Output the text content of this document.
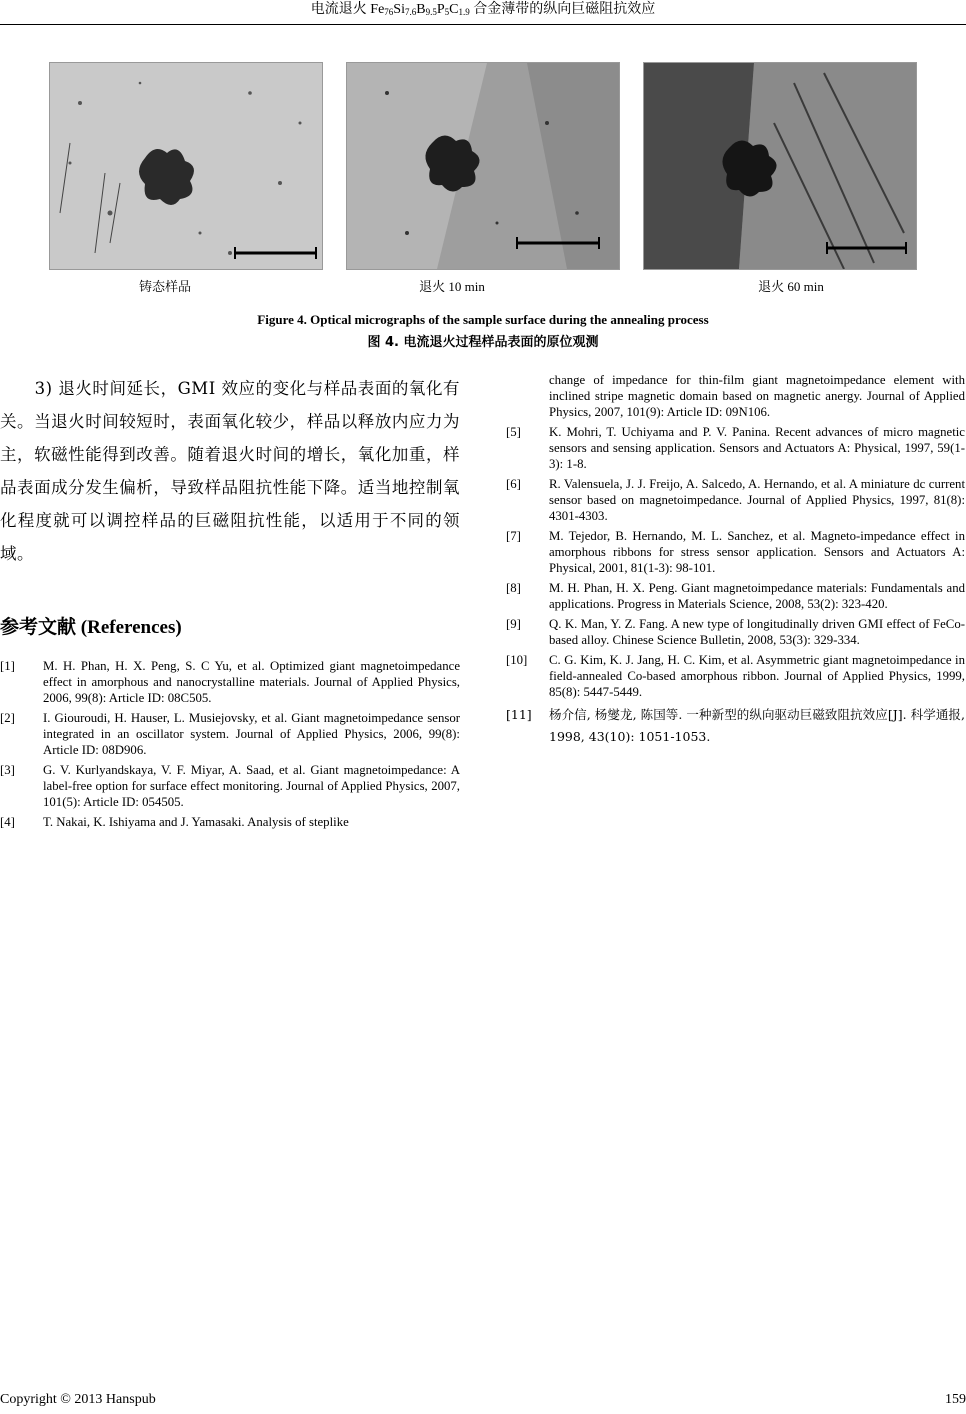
电流退火 $Fe_{76}Si_{7.6}B_{9.5}P_5C_{1.9}$ 合金薄带的纵向巨磁阻抗效应
铸态样品	退火 10 min	退火 60 min
Figure 4. Optical micrographs of the sample surface during the annealing process
图 4. 电流退火过程样品表面的原位观测
3) 退火时间延长，GMI 效应的变化与样品表面的氧化有关。当退火时间较短时，表面氧化较少，样品以释放内应力为主，软磁性能得到改善。随着退火时间的增长，氧化加重，样品表面成分发生偏析，导致样品阻抗性能下降。适当地控制氧化程度就可以调控样品的巨磁阻抗性能，以适用于不同的领域。
参考文献 (References)
[1] M. H. Phan, H. X. Peng, S. C Yu, et al. Optimized giant magnetoimpedance effect in amorphous and nanocrystalline materials. Journal of Applied Physics, 2006, 99(8): Article ID: 08C505.
[2] I. Giouroudi, H. Hauser, L. Musiejovsky, et al. Giant magnetoimpedance sensor integrated in an oscillator system. Journal of Applied Physics, 2006, 99(8): Article ID: 08D906.
[3] G. V. Kurlyandskaya, V. F. Miyar, A. Saad, et al. Giant magnetoimpedance: A label-free option for surface effect monitoring. Journal of Applied Physics, 2007, 101(5): Article ID: 054505.
[4] T. Nakai, K. Ishiyama and J. Yamasaki. Analysis of steplike
change of impedance for thin-film giant magnetoimpedance element with inclined stripe magnetic domain based on magnetic anergy. Journal of Applied Physics, 2007, 101(9): Article ID: 09N106.
[5] K. Mohri, T. Uchiyama and P. V. Panina. Recent advances of micro magnetic sensors and sensing application. Sensors and Actuators A: Physical, 1997, 59(1-3): 1-8.
[6] R. Valensuela, J. J. Freijo, A. Salcedo, A. Hernando, et al. A miniature dc current sensor based on magnetoimpedance. Journal of Applied Physics, 1997, 81(8): 4301-4303.
[7] M. Tejedor, B. Hernando, M. L. Sanchez, et al. Magneto-impedance effect in amorphous ribbons for stress sensor application. Sensors and Actuators A: Physical, 2001, 81(1-3): 98-101.
[8] M. H. Phan, H. X. Peng. Giant magnetoimpedance materials: Fundamentals and applications. Progress in Materials Science, 2008, 53(2): 323-420.
[9] Q. K. Man, Y. Z. Fang. A new type of longitudinally driven GMI effect of FeCo-based alloy. Chinese Science Bulletin, 2008, 53(3): 329-334.
[10] C. G. Kim, K. J. Jang, H. C. Kim, et al. Asymmetric giant magnetoimpedance in field-annealed Co-based amorphous ribbon. Journal of Applied Physics, 1999, 85(8): 5447-5449.
[11] 杨介信, 杨燮龙, 陈国等. 一种新型的纵向驱动巨磁致阻抗效应[J]. 科学通报, 1998, 43(10): 1051-1053.
Copyright © 2013 Hanspub	159
